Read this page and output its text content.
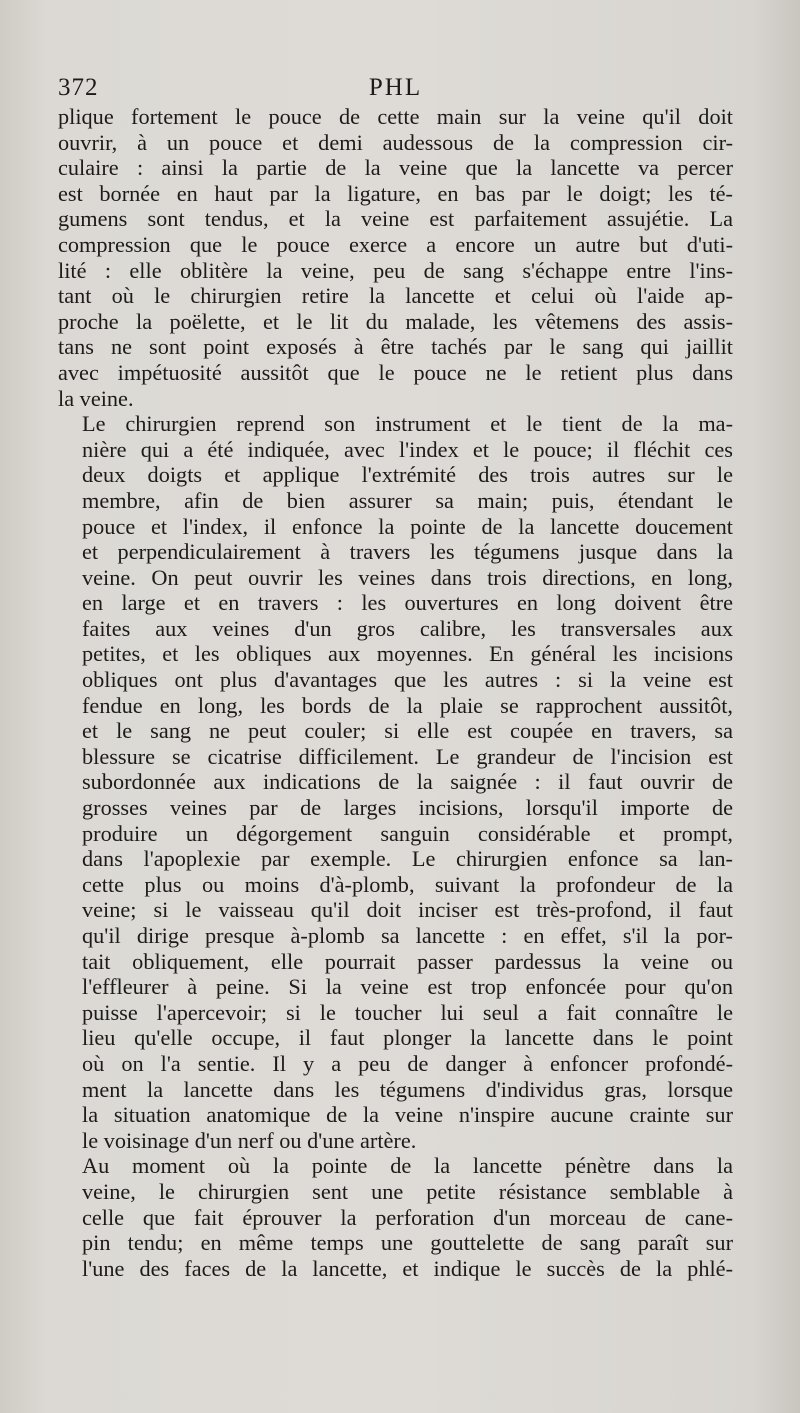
372	PHL

plique fortement le pouce de cette main sur la veine qu'il doit
ouvrir, à un pouce et demi audessous de la compression cir-
culaire : ainsi la partie de la veine que la lancette va percer
est bornée en haut par la ligature, en bas par le doigt; les té-
gumens sont tendus, et la veine est parfaitement assujétie. La
compression que le pouce exerce a encore un autre but d'uti-
lité : elle oblitère la veine, peu de sang s'échappe entre l'ins-
tant où le chirurgien retire la lancette et celui où l'aide ap-
proche la poëlette, et le lit du malade, les vêtemens des assis-
tans ne sont point exposés à être tachés par le sang qui jaillit
avec impétuosité aussitôt que le pouce ne le retient plus dans
la veine.

Le chirurgien reprend son instrument et le tient de la ma-
nière qui a été indiquée, avec l'index et le pouce; il fléchit ces
deux doigts et applique l'extrémité des trois autres sur le
membre, afin de bien assurer sa main; puis, étendant le
pouce et l'index, il enfonce la pointe de la lancette doucement
et perpendiculairement à travers les tégumens jusque dans la
veine. On peut ouvrir les veines dans trois directions, en long,
en large et en travers : les ouvertures en long doivent être
faites aux veines d'un gros calibre, les transversales aux
petites, et les obliques aux moyennes. En général les incisions
obliques ont plus d'avantages que les autres : si la veine est
fendue en long, les bords de la plaie se rapprochent aussitôt,
et le sang ne peut couler; si elle est coupée en travers, sa
blessure se cicatrise difficilement. Le grandeur de l'incision est
subordonnée aux indications de la saignée : il faut ouvrir de
grosses veines par de larges incisions, lorsqu'il importe de
produire un dégorgement sanguin considérable et prompt,
dans l'apoplexie par exemple. Le chirurgien enfonce sa lan-
cette plus ou moins d'à-plomb, suivant la profondeur de la
veine; si le vaisseau qu'il doit inciser est très-profond, il faut
qu'il dirige presque à-plomb sa lancette : en effet, s'il la por-
tait obliquement, elle pourrait passer pardessus la veine ou
l'effleurer à peine. Si la veine est trop enfoncée pour qu'on
puisse l'apercevoir; si le toucher lui seul a fait connaître le
lieu qu'elle occupe, il faut plonger la lancette dans le point
où on l'a sentie. Il y a peu de danger à enfoncer profondé-
ment la lancette dans les tégumens d'individus gras, lorsque
la situation anatomique de la veine n'inspire aucune crainte sur
le voisinage d'un nerf ou d'une artère.

Au moment où la pointe de la lancette pénètre dans la
veine, le chirurgien sent une petite résistance semblable à
celle que fait éprouver la perforation d'un morceau de cane-
pin tendu; en même temps une gouttelette de sang paraît sur
l'une des faces de la lancette, et indique le succès de la phlé-
